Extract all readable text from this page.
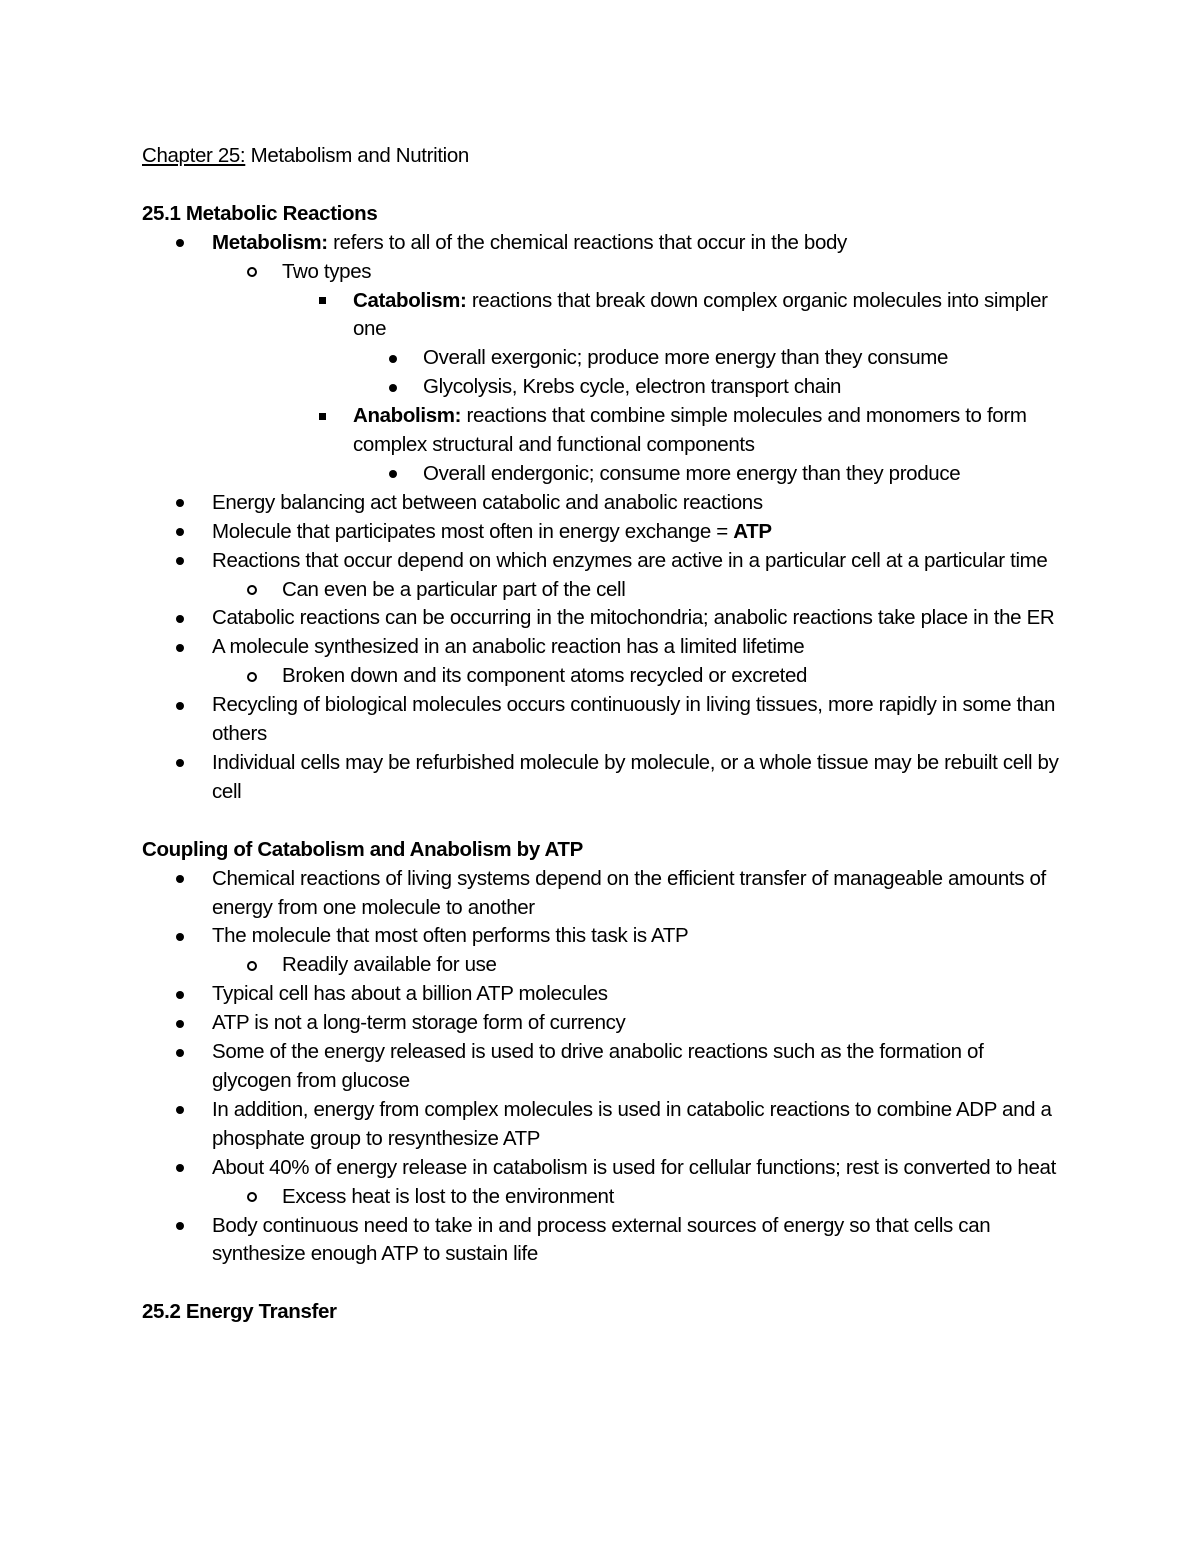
Chapter 25: Metabolism and Nutrition

25.1 Metabolic Reactions

Metabolism: refers to all of the chemical reactions that occur in the body
Two types
Catabolism: reactions that break down complex organic molecules into simpler one
Overall exergonic; produce more energy than they consume
Glycolysis, Krebs cycle, electron transport chain
Anabolism: reactions that combine simple molecules and monomers to form complex structural and functional components
Overall endergonic; consume more energy than they produce
Energy balancing act between catabolic and anabolic reactions
Molecule that participates most often in energy exchange = ATP
Reactions that occur depend on which enzymes are active in a particular cell at a particular time
Can even be a particular part of the cell
Catabolic reactions can be occurring in the mitochondria; anabolic reactions take place in the ER
A molecule synthesized in an anabolic reaction has a limited lifetime
Broken down and its component atoms recycled or excreted
Recycling of biological molecules occurs continuously in living tissues, more rapidly in some than others
Individual cells may be refurbished molecule by molecule, or a whole tissue may be rebuilt cell by cell

Coupling of Catabolism and Anabolism by ATP

Chemical reactions of living systems depend on the efficient transfer of manageable amounts of energy from one molecule to another
The molecule that most often performs this task is ATP
Readily available for use
Typical cell has about a billion ATP molecules
ATP is not a long-term storage form of currency
Some of the energy released is used to drive anabolic reactions such as the formation of glycogen from glucose
In addition, energy from complex molecules is used in catabolic reactions to combine ADP and a phosphate group to resynthesize ATP
About 40% of energy release in catabolism is used for cellular functions; rest is converted to heat
Excess heat is lost to the environment
Body continuous need to take in and process external sources of energy so that cells can synthesize enough ATP to sustain life

25.2 Energy Transfer
